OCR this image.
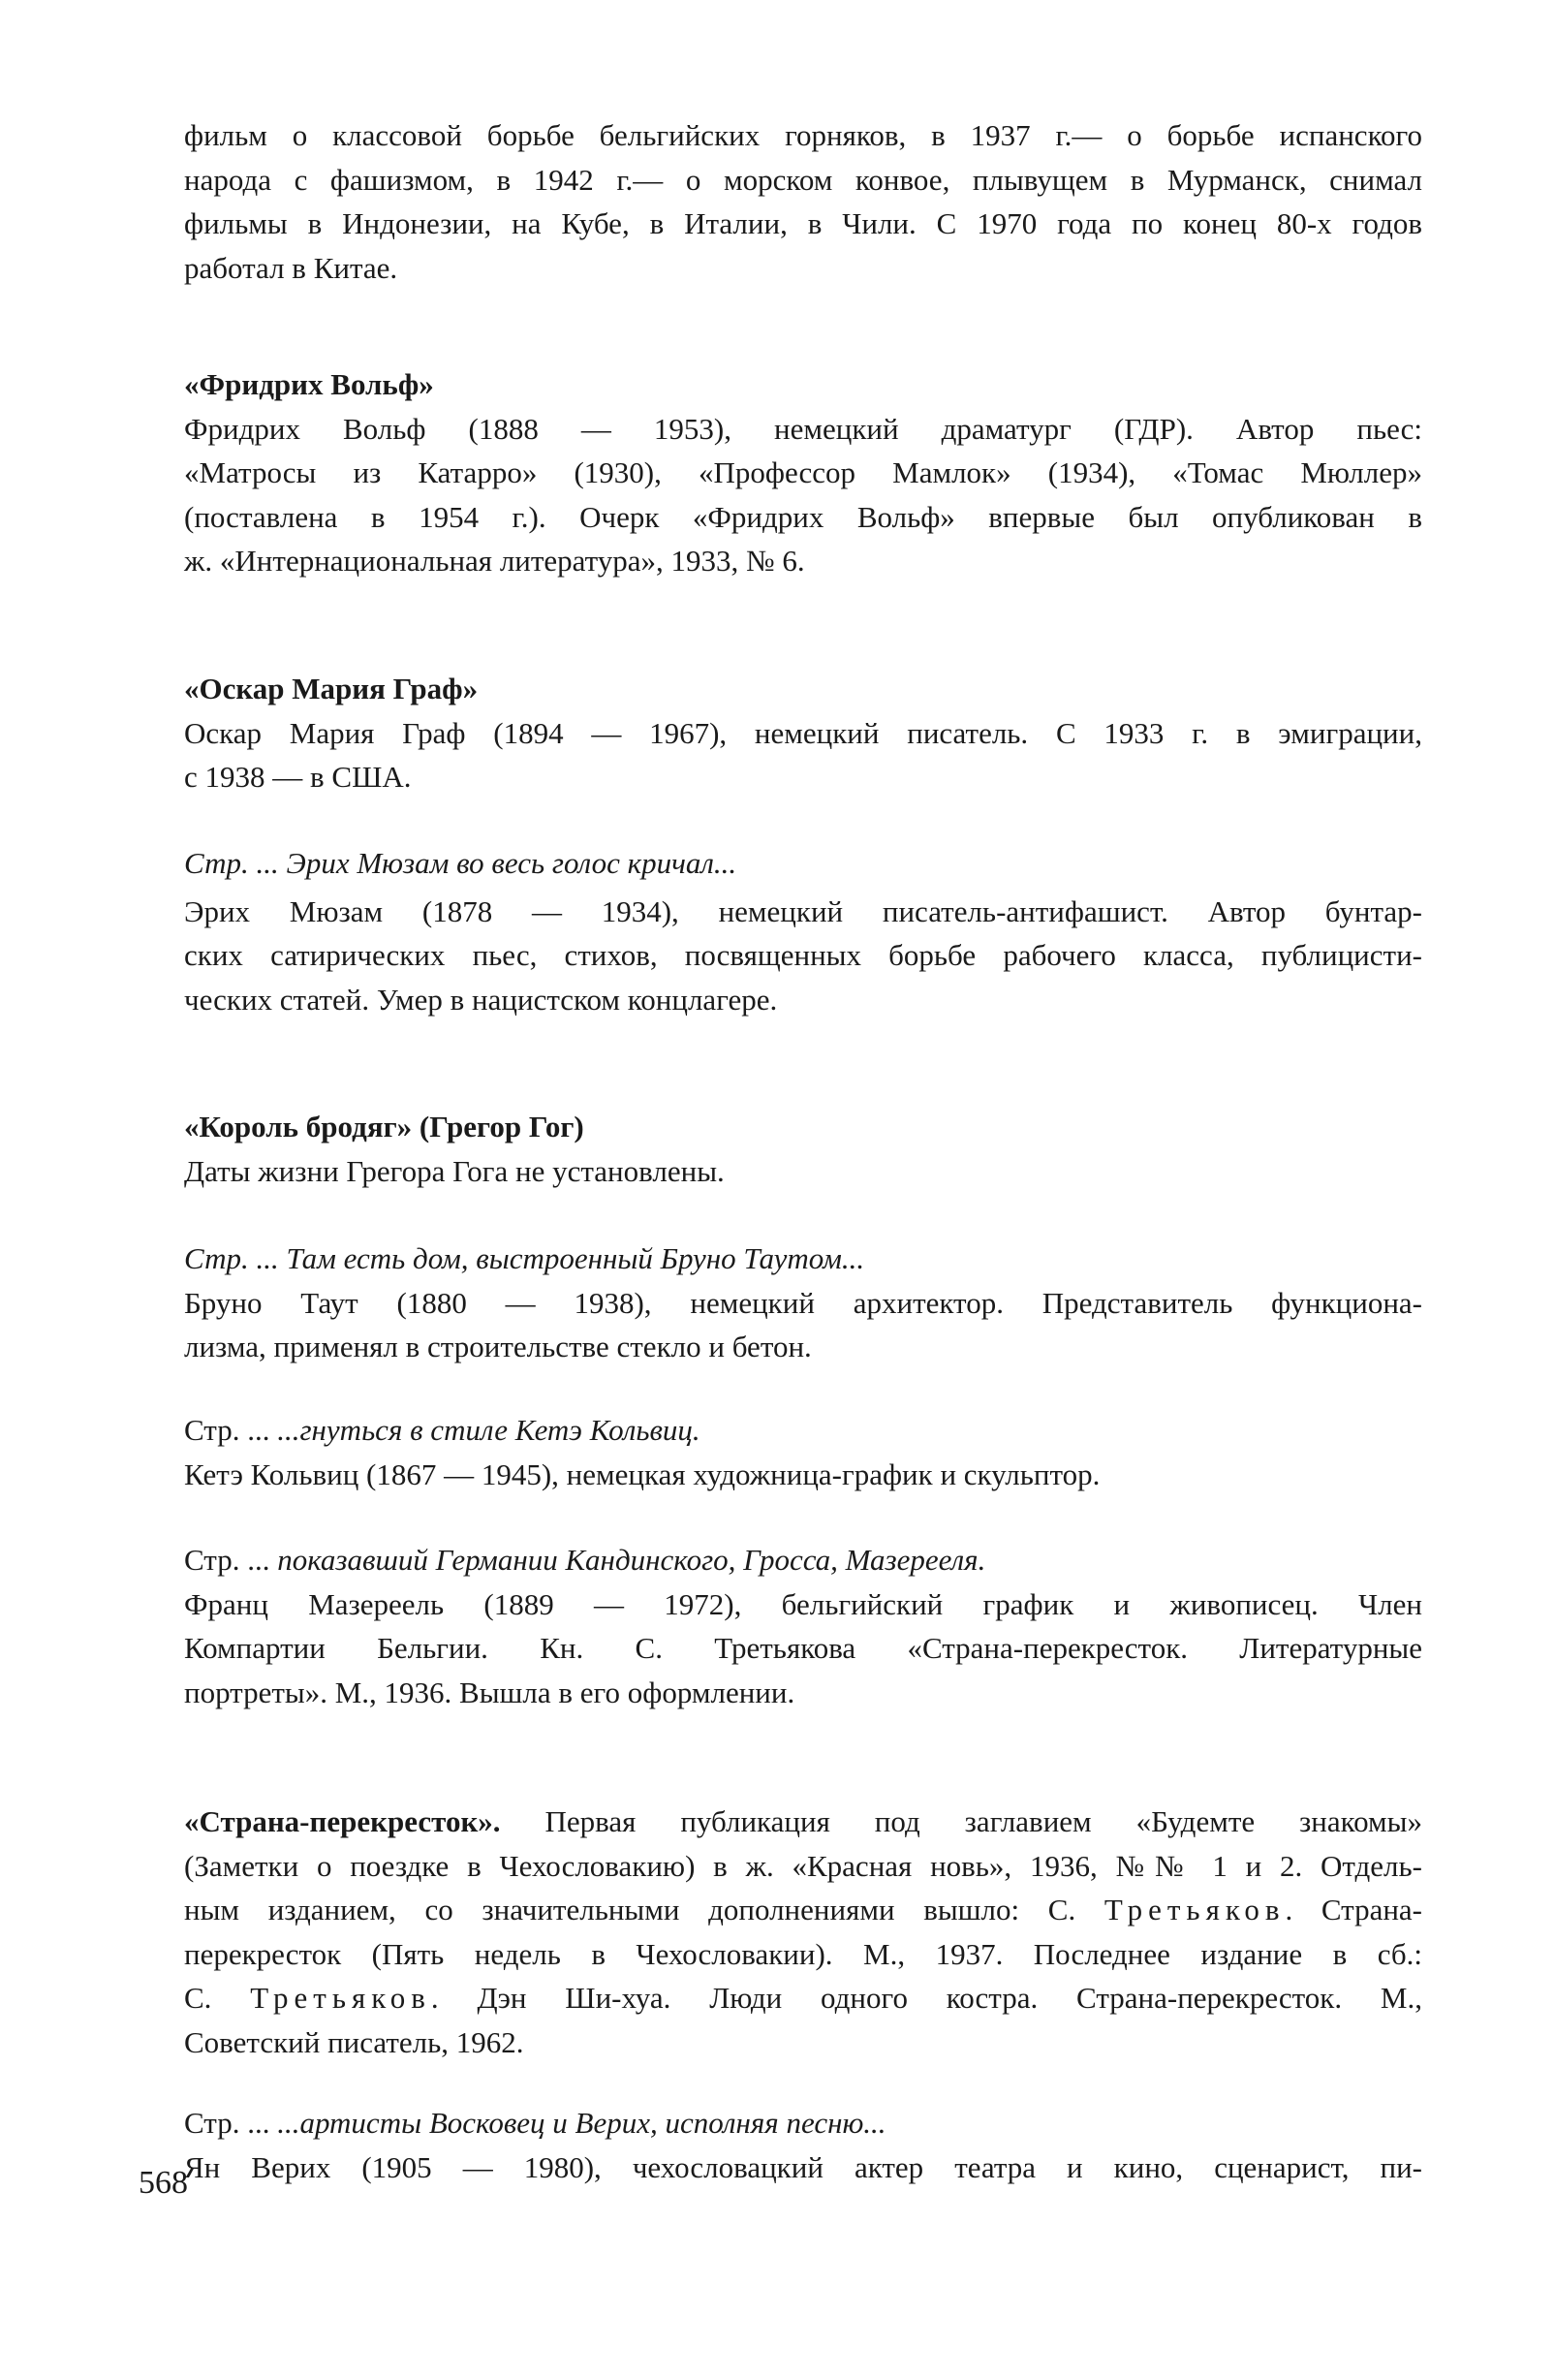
фильм о классовой борьбе бельгийских горняков, в 1937 г.— о борьбе испанского

народа с фашизмом, в 1942 г.— о морском конвое, плывущем в Мурманск, снимал

фильмы в Индонезии, на Кубе, в Италии, в Чили. С 1970 года по конец 80-х годов

работал в Китае.

«Фридрих Вольф»

Фридрих Вольф (1888 — 1953), немецкий драматург (ГДР). Автор пьес:

«Матросы из Катарро» (1930), «Профессор Мамлок» (1934), «Томас Мюллер»

(поставлена в 1954 г.). Очерк «Фридрих Вольф» впервые был опубликован в

ж. «Интернациональная литература», 1933, № 6.

«Оскар Мария Граф»

Оскар Мария Граф (1894 — 1967), немецкий писатель. С 1933 г. в эмиграции,

с 1938 — в США.

Стр. ... Эрих Мюзам во весь голос кричал...

Эрих Мюзам (1878 — 1934), немецкий писатель-антифашист. Автор бунтар-

ских сатирических пьес, стихов, посвященных борьбе рабочего класса, публицисти-

ческих статей. Умер в нацистском концлагере.

«Король бродяг» (Грегор Гог)

Даты жизни Грегора Гога не установлены.

Стр. ... Там есть дом, выстроенный Бруно Таутом...

Бруно Таут (1880 — 1938), немецкий архитектор. Представитель функциона-

лизма, применял в строительстве стекло и бетон.

Стр. ... ...гнуться в стиле Кетэ Кольвиц.

Кетэ Кольвиц (1867 — 1945), немецкая художница-график и скульптор.

Стр. ... показавший Германии Кандинского, Гросса, Мазерееля.

Франц Мазереель (1889 — 1972), бельгийский график и живописец. Член

Компартии Бельгии. Кн. С. Третьякова «Страна-перекресток. Литературные

портреты». М., 1936. Вышла в его оформлении.

«Страна-перекресток». Первая публикация под заглавием «Будемте знакомы»

(Заметки о поездке в Чехословакию) в ж. «Красная новь», 1936, №№ 1 и 2. Отдель-

ным изданием, со значительными дополнениями вышло: С. Третьяков. Страна-

перекресток (Пять недель в Чехословакии). М., 1937. Последнее издание в сб.:

С. Третьяков. Дэн Ши-хуа. Люди одного костра. Страна-перекресток. М.,

Советский писатель, 1962.

Стр. ... ...артисты Восковец и Верих, исполняя песню...

Ян Верих (1905 — 1980), чехословацкий актер театра и кино, сценарист, пи-

568
